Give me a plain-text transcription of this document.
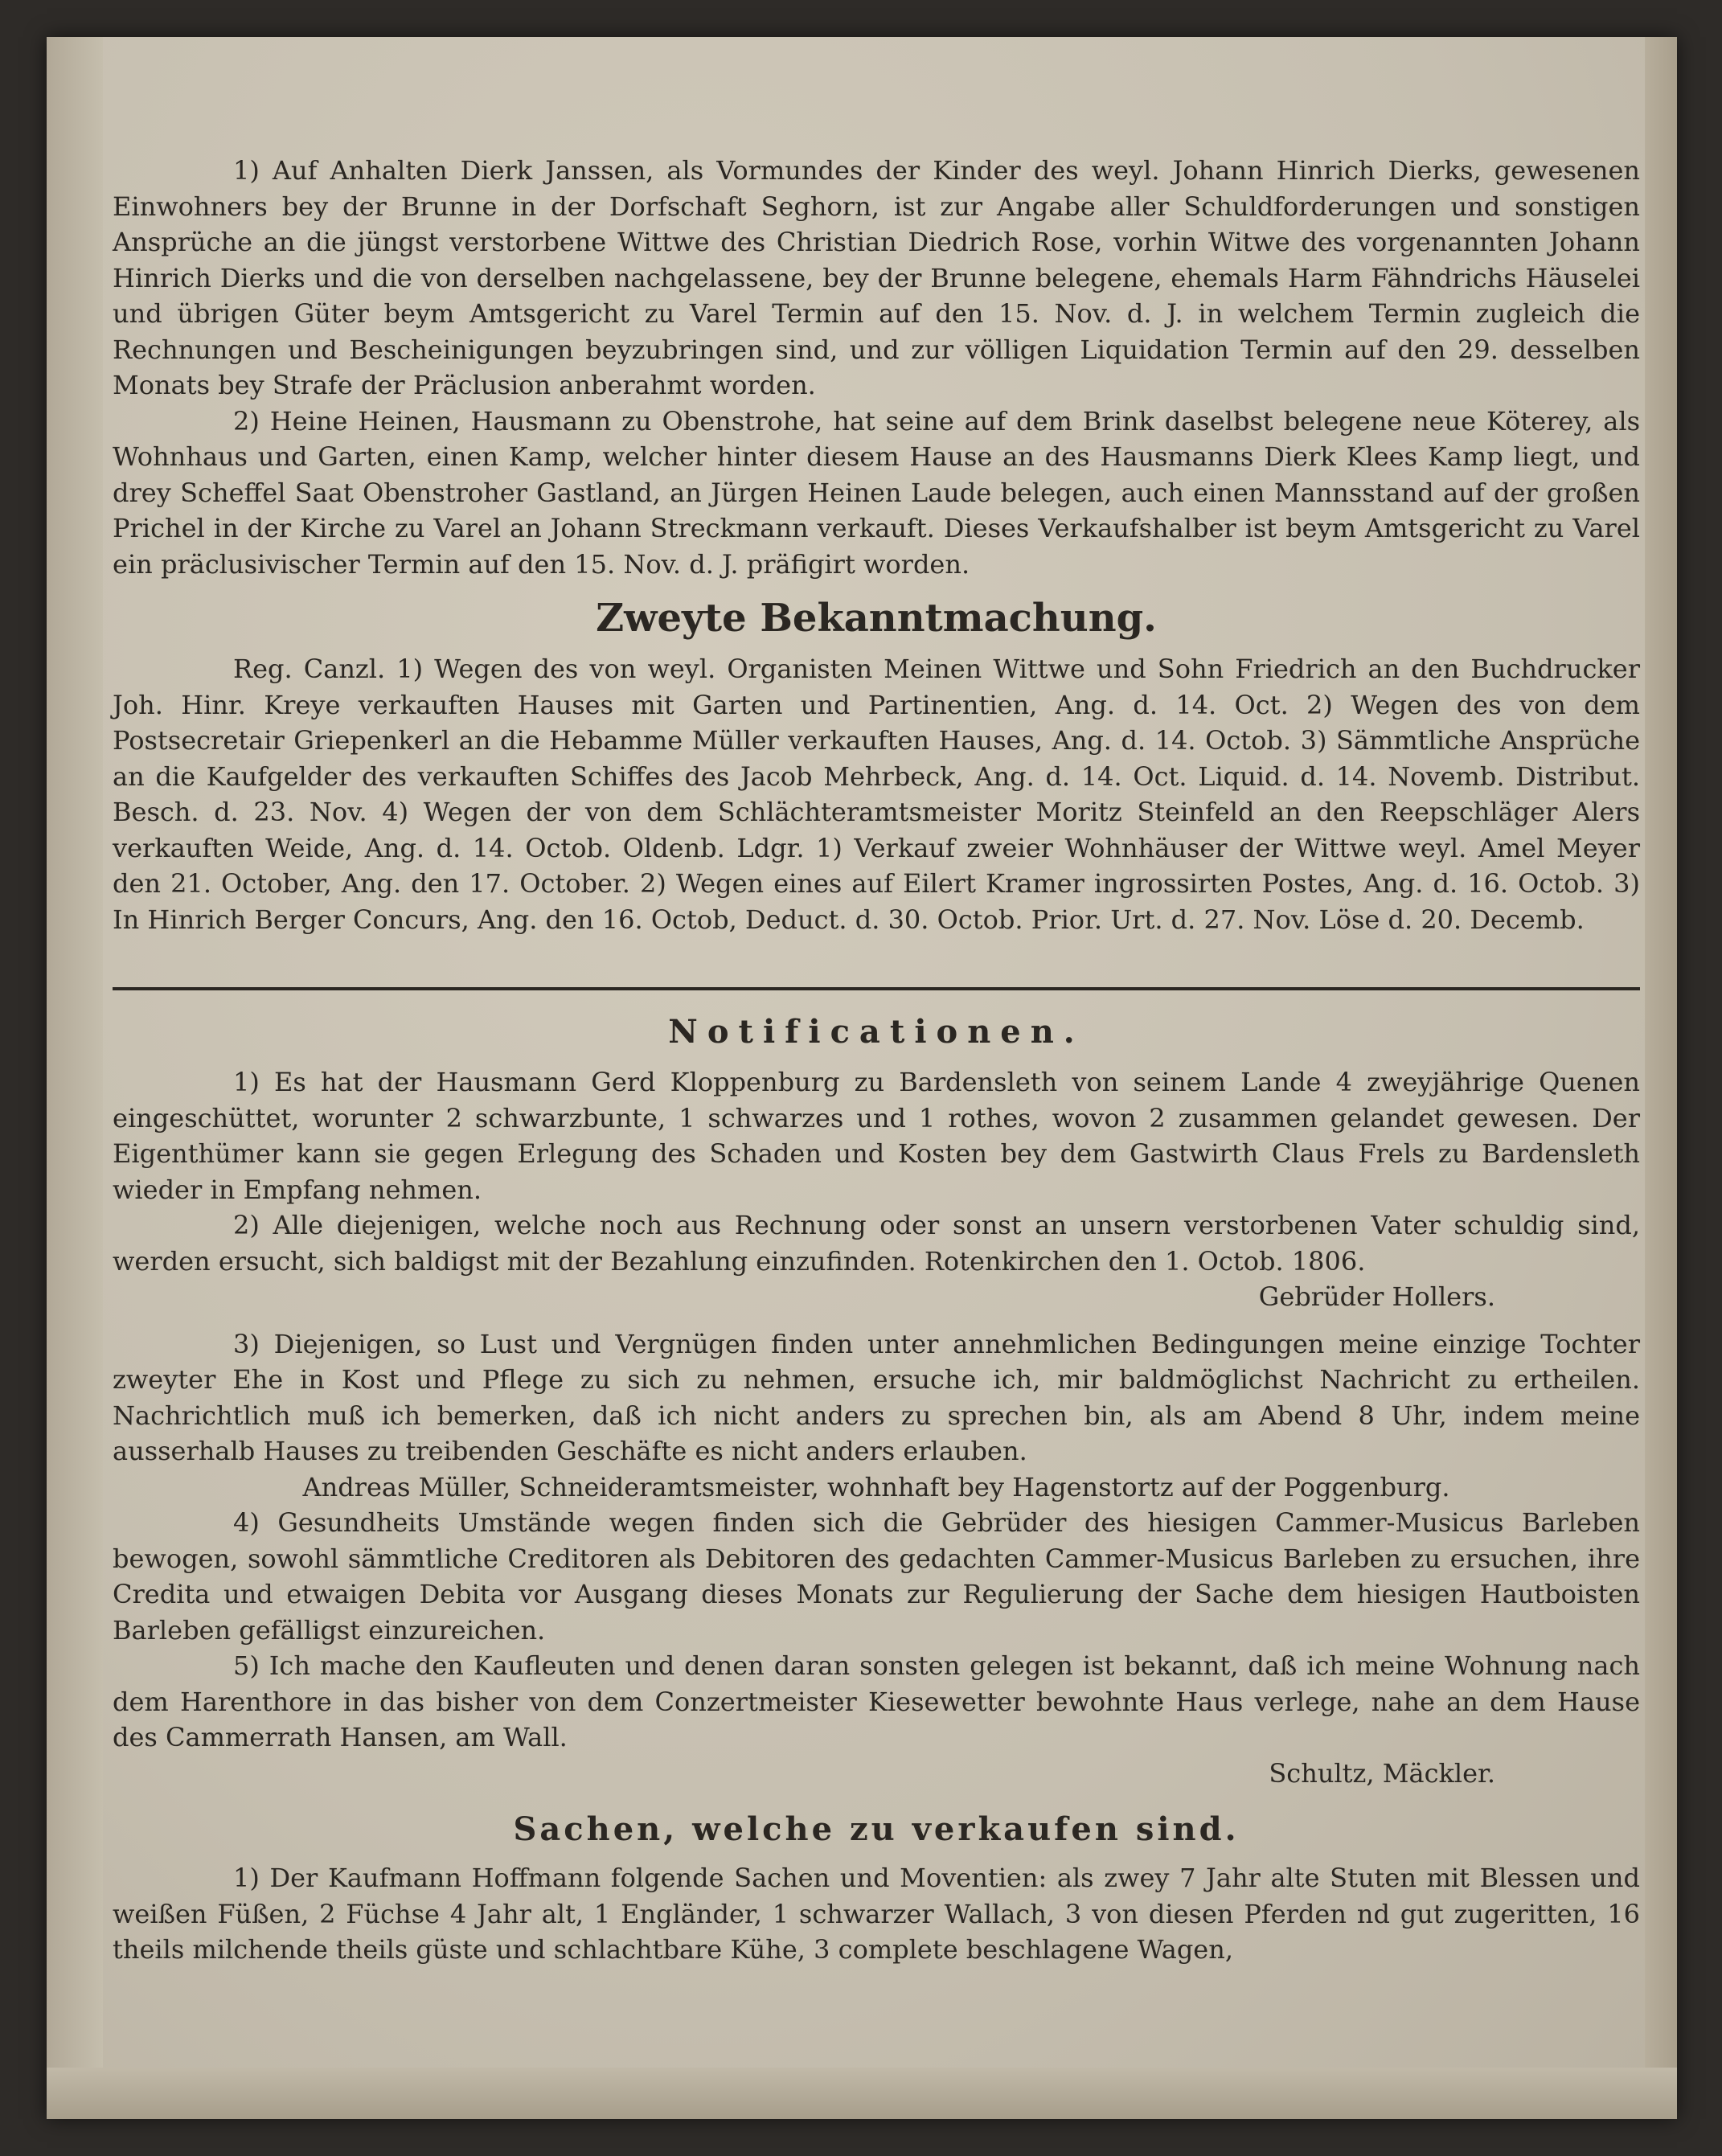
1) Auf Anhalten Dierk Janssen, als Vormundes der Kinder des weyl. Johann Hinrich Dierks, gewesenen Einwohners bey der Brunne in der Dorfschaft Seghorn, ist zur Angabe aller Schuldforderungen und sonstigen Ansprüche an die jüngst verstorbene Wittwe des Christian Diedrich Rose, vorhin Witwe des vorgenannten Johann Hinrich Dierks und die von derselben nachgelassene, bey der Brunne belegene, ehemals Harm Fähndrichs Häuselei und übrigen Güter beym Amtsgericht zu Varel Termin auf den 15. Nov. d. J. in welchem Termin zugleich die Rechnungen und Bescheinigungen beyzubringen sind, und zur völligen Liquidation Termin auf den 29. desselben Monats bey Strafe der Präclusion anberahmt worden.

2) Heine Heinen, Hausmann zu Obenstrohe, hat seine auf dem Brink daselbst belegene neue Köterey, als Wohnhaus und Garten, einen Kamp, welcher hinter diesem Hause an des Hausmanns Dierk Klees Kamp liegt, und drey Scheffel Saat Obenstroher Gastland, an Jürgen Heinen Laude belegen, auch einen Mannsstand auf der großen Prichel in der Kirche zu Varel an Johann Streckmann verkauft. Dieses Verkaufshalber ist beym Amtsgericht zu Varel ein präclusivischer Termin auf den 15. Nov. d. J. präfigirt worden.

Zweyte Bekanntmachung.

Reg. Canzl. 1) Wegen des von weyl. Organisten Meinen Wittwe und Sohn Friedrich an den Buchdrucker Joh. Hinr. Kreye verkauften Hauses mit Garten und Partinentien, Ang. d. 14. Oct. 2) Wegen des von dem Postsecretair Griepenkerl an die Hebamme Müller verkauften Hauses, Ang. d. 14. Octob. 3) Sämmtliche Ansprüche an die Kaufgelder des verkauften Schiffes des Jacob Mehrbeck, Ang. d. 14. Oct. Liquid. d. 14. Novemb. Distribut. Besch. d. 23. Nov. 4) Wegen der von dem Schlächteramtsmeister Moritz Steinfeld an den Reepschläger Alers verkauften Weide, Ang. d. 14. Octob. Oldenb. Ldgr. 1) Verkauf zweier Wohnhäuser der Wittwe weyl. Amel Meyer den 21. October, Ang. den 17. October. 2) Wegen eines auf Eilert Kramer ingrossirten Postes, Ang. d. 16. Octob. 3) In Hinrich Berger Concurs, Ang. den 16. Octob, Deduct. d. 30. Octob. Prior. Urt. d. 27. Nov. Löse d. 20. Decemb.

Notificationen.

1) Es hat der Hausmann Gerd Kloppenburg zu Bardensleth von seinem Lande 4 zweyjährige Quenen eingeschüttet, worunter 2 schwarzbunte, 1 schwarzes und 1 rothes, wovon 2 zusammen gelandet gewesen. Der Eigenthümer kann sie gegen Erlegung des Schaden und Kosten bey dem Gastwirth Claus Frels zu Bardensleth wieder in Empfang nehmen.

2) Alle diejenigen, welche noch aus Rechnung oder sonst an unsern verstorbenen Vater schuldig sind, werden ersucht, sich baldigst mit der Bezahlung einzufinden. Rotenkirchen den 1. Octob. 1806.

Gebrüder Hollers.

3) Diejenigen, so Lust und Vergnügen finden unter annehmlichen Bedingungen meine einzige Tochter zweyter Ehe in Kost und Pflege zu sich zu nehmen, ersuche ich, mir baldmöglichst Nachricht zu ertheilen. Nachrichtlich muß ich bemerken, daß ich nicht anders zu sprechen bin, als am Abend 8 Uhr, indem meine ausserhalb Hauses zu treibenden Geschäfte es nicht anders erlauben.

Andreas Müller, Schneideramtsmeister, wohnhaft bey Hagenstortz auf der Poggenburg.

4) Gesundheits Umstände wegen finden sich die Gebrüder des hiesigen Cammer-Musicus Barleben bewogen, sowohl sämmtliche Creditoren als Debitoren des gedachten Cammer-Musicus Barleben zu ersuchen, ihre Credita und etwaigen Debita vor Ausgang dieses Monats zur Regulierung der Sache dem hiesigen Hautboisten Barleben gefälligst einzureichen.

5) Ich mache den Kaufleuten und denen daran sonsten gelegen ist bekannt, daß ich meine Wohnung nach dem Harenthore in das bisher von dem Conzertmeister Kiesewetter bewohnte Haus verlege, nahe an dem Hause des Cammerrath Hansen, am Wall.

Schultz, Mäckler.

Sachen, welche zu verkaufen sind.

1) Der Kaufmann Hoffmann folgende Sachen und Moventien: als zwey 7 Jahr alte Stuten mit Blessen und weißen Füßen, 2 Füchse 4 Jahr alt, 1 Engländer, 1 schwarzer Wallach, 3 von diesen Pferden nd gut zugeritten, 16 theils milchende theils güste und schlachtbare Kühe, 3 complete beschlagene Wagen,
